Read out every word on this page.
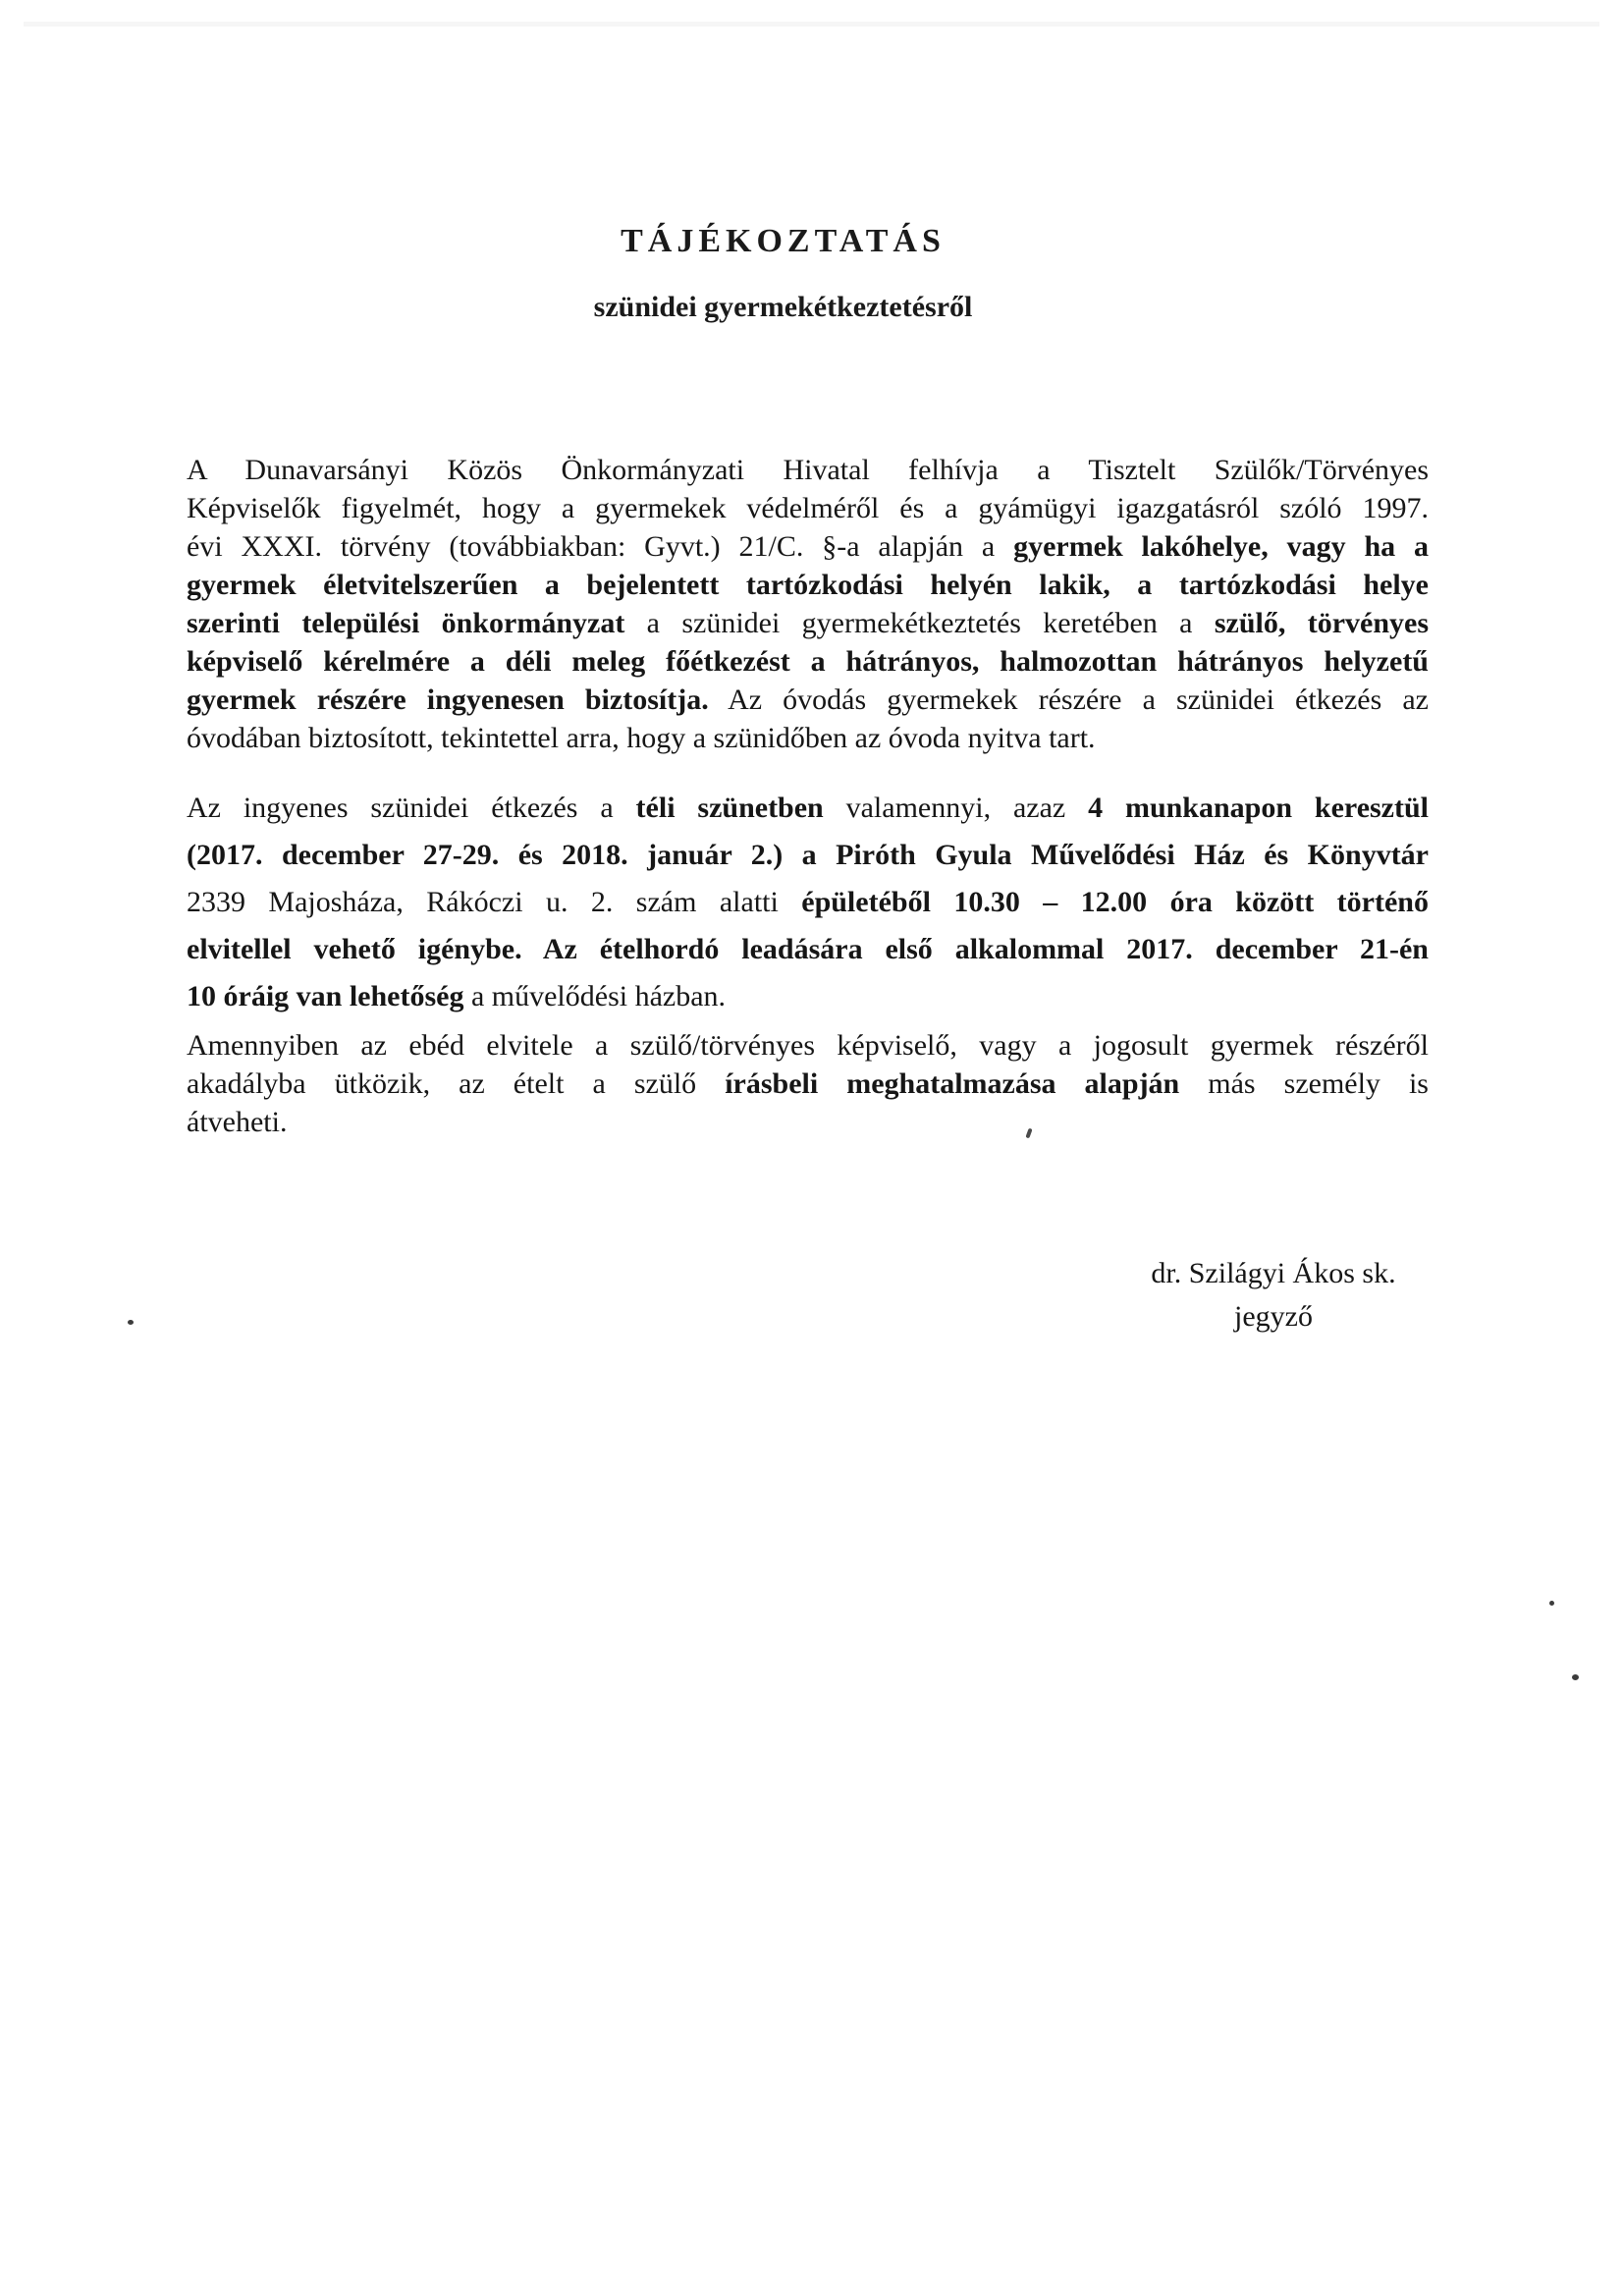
TÁJÉKOZTATÁS
szünidei gyermekétkeztetésről
A Dunavarsányi Közös Önkormányzati Hivatal felhívja a Tisztelt Szülők/Törvényes
Képviselők figyelmét, hogy a gyermekek védelméről és a gyámügyi igazgatásról szóló 1997.
évi XXXI. törvény (továbbiakban: Gyvt.) 21/C. §-a alapján a gyermek lakóhelye, vagy ha a
gyermek életvitelszerűen a bejelentett tartózkodási helyén lakik, a tartózkodási helye
szerinti települési önkormányzat a szünidei gyermekétkeztetés keretében a szülő, törvényes
képviselő kérelmére a déli meleg főétkezést a hátrányos, halmozottan hátrányos helyzetű
gyermek részére ingyenesen biztosítja. Az óvodás gyermekek részére a szünidei étkezés az
óvodában biztosított, tekintettel arra, hogy a szünidőben az óvoda nyitva tart.
Az ingyenes szünidei étkezés a téli szünetben valamennyi, azaz 4 munkanapon keresztül
(2017. december 27-29. és 2018. január 2.) a Piróth Gyula Művelődési Ház és Könyvtár
2339 Majosháza, Rákóczi u. 2. szám alatti épületéből 10.30 – 12.00 óra között történő
elvitellel vehető igénybe. Az ételhordó leadására első alkalommal 2017. december 21-én
10 óráig van lehetőség a művelődési házban.
Amennyiben az ebéd elvitele a szülő/törvényes képviselő, vagy a jogosult gyermek részéről
akadályba ütközik, az ételt a szülő írásbeli meghatalmazása alapján más személy is
átveheti.
dr. Szilágyi Ákos sk.
jegyző
